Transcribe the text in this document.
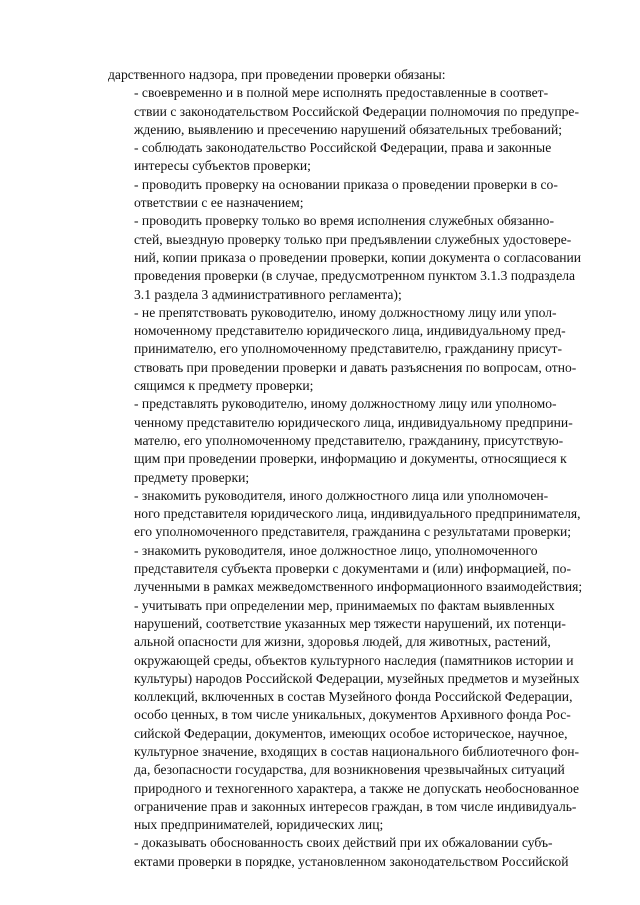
дарственного надзора, при проведении проверки обязаны:

- своевременно и в полной мере исполнять предоставленные в соответ-
ствии с законодательством Российской Федерации полномочия по предупре-
ждению, выявлению и пресечению нарушений обязательных требований;

- соблюдать законодательство Российской Федерации, права и законные
интересы субъектов проверки;

- проводить проверку на основании приказа о проведении проверки в со-
ответствии с ее назначением;

- проводить проверку только во время исполнения служебных обязанно-
стей, выездную проверку только при предъявлении служебных удостовере-
ний, копии приказа о проведении проверки, копии документа о согласовании
проведения проверки (в случае, предусмотренном пунктом 3.1.3 подраздела
3.1 раздела 3 административного регламента);

- не препятствовать руководителю, иному должностному лицу или упол-
номоченному представителю юридического лица, индивидуальному пред-
принимателю, его уполномоченному представителю, гражданину присут-
ствовать при проведении проверки и давать разъяснения по вопросам, отно-
сящимся к предмету проверки;

- представлять руководителю, иному должностному лицу или уполномо-
ченному представителю юридического лица, индивидуальному предприни-
мателю, его уполномоченному представителю, гражданину, присутствую-
щим при проведении проверки, информацию и документы, относящиеся к
предмету проверки;

- знакомить руководителя, иного должностного лица или уполномочен-
ного представителя юридического лица, индивидуального предпринимателя,
его уполномоченного представителя, гражданина с результатами проверки;

- знакомить руководителя, иное должностное лицо, уполномоченного
представителя субъекта проверки с документами и (или) информацией, по-
лученными в рамках межведомственного информационного взаимодействия;

- учитывать при определении мер, принимаемых по фактам выявленных
нарушений, соответствие указанных мер тяжести нарушений, их потенци-
альной опасности для жизни, здоровья людей, для животных, растений,
окружающей среды, объектов культурного наследия (памятников истории и
культуры) народов Российской Федерации, музейных предметов и музейных
коллекций, включенных в состав Музейного фонда Российской Федерации,
особо ценных, в том числе уникальных, документов Архивного фонда Рос-
сийской Федерации, документов, имеющих особое историческое, научное,
культурное значение, входящих в состав национального библиотечного фон-
да, безопасности государства, для возникновения чрезвычайных ситуаций
природного и техногенного характера, а также не допускать необоснованное
ограничение прав и законных интересов граждан, в том числе индивидуаль-
ных предпринимателей, юридических лиц;

- доказывать обоснованность своих действий при их обжаловании субъ-
ектами проверки в порядке, установленном законодательством Российской
